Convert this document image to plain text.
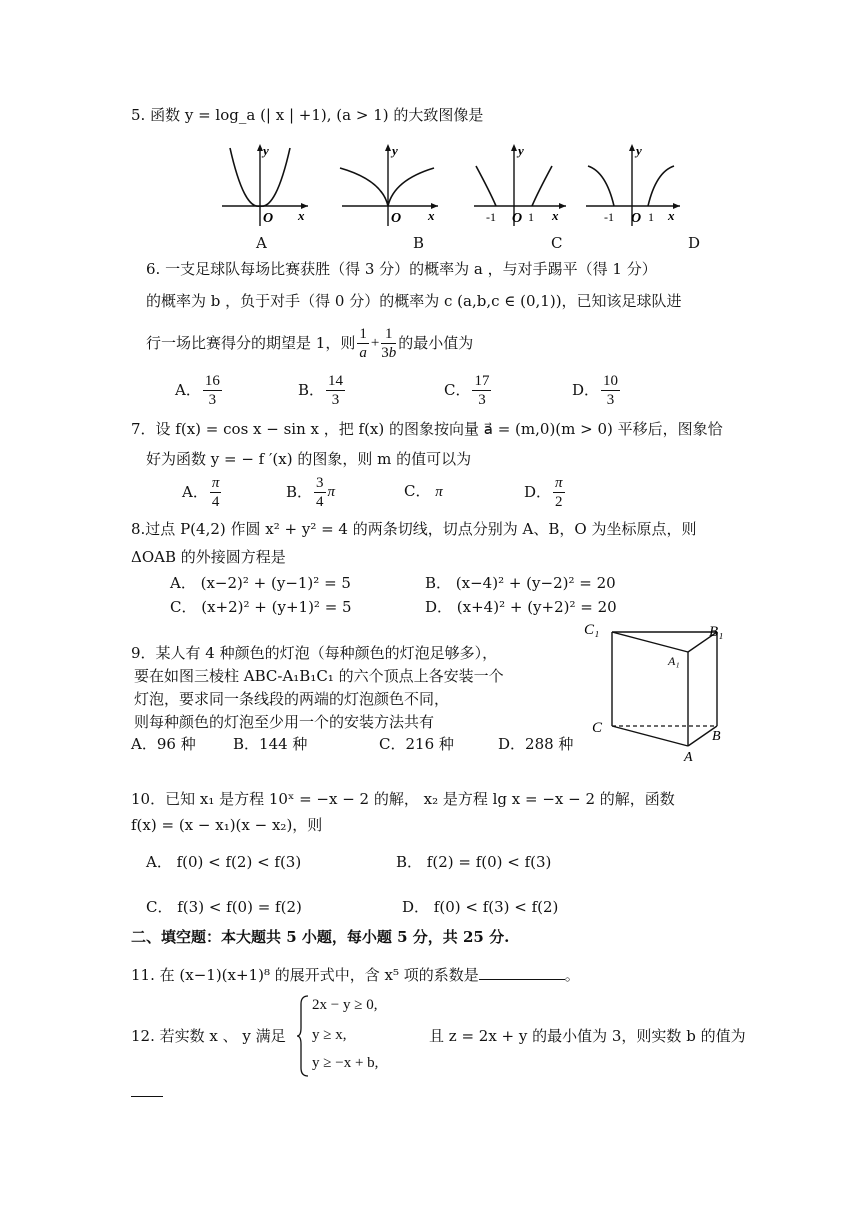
5. 函数 y = log_a (| x | +1), (a > 1) 的大致图像是
y
O x
A
y
O x
B
y
-1 O 1 x
C
y
-1 O 1 x
D
6. 一支足球队每场比赛获胜（得 3 分）的概率为 a ，与对手踢平（得 1 分）
的概率为 b ，负于对手（得 0 分）的概率为 c (a,b,c ∈ (0,1))，已知该足球队进
行一场比赛得分的期望是 1，则 $\frac{1}{a} + \frac{1}{3b}$ 的最小值为
A． $\frac{16}{3}$	B． $\frac{14}{3}$	C． $\frac{17}{3}$	D． $\frac{10}{3}$
7．设 f(x) = cos x − sin x ，把 f(x) 的图象按向量 a⃗ = (m,0)(m > 0) 平移后，图象恰
好为函数 y = − f ′(x) 的图象，则 m 的值可以为
A． $\frac{\pi}{4}$	B． $\frac{3}{4}$ π	C． π	D． $\frac{\pi}{2}$
8.过点 P(4,2) 作圆 x² + y² = 4 的两条切线，切点分别为 A、B，O 为坐标原点，则
ΔOAB 的外接圆方程是
A． (x−2)² + (y−1)² = 5	B． (x−4)² + (y−2)² = 20
C． (x+2)² + (y+1)² = 5	D． (x+4)² + (y+2)² = 20
9．某人有 4 种颜色的灯泡（每种颜色的灯泡足够多），
要在如图三棱柱 ABC-A₁B₁C₁ 的六个顶点上各安装一个
灯泡，要求同一条线段的两端的灯泡颜色不同，
则每种颜色的灯泡至少用一个的安装方法共有
A．96 种 B．144 种	C．216 种	D．288 种
C₁	B₁
A₁
C
B
A
10．已知 x₁ 是方程 10ˣ = −x − 2 的解， x₂ 是方程 lg x = −x − 2 的解，函数
f(x) = (x − x₁)(x − x₂)，则
A． f(0) < f(2) < f(3)	B． f(2) = f(0) < f(3)
C． f(3) < f(0) = f(2)	D． f(0) < f(3) < f(2)
二、填空题：本大题共 5 小题，每小题 5 分，共 25 分.
11. 在 (x−1)(x+1)⁸ 的展开式中，含 x⁵ 项的系数是	。
12. 若实数 x 、 y 满足
2x − y ≥ 0,
y ≥ x,
y ≥ −x + b,
且 z = 2x + y 的最小值为 3，则实数 b 的值为
